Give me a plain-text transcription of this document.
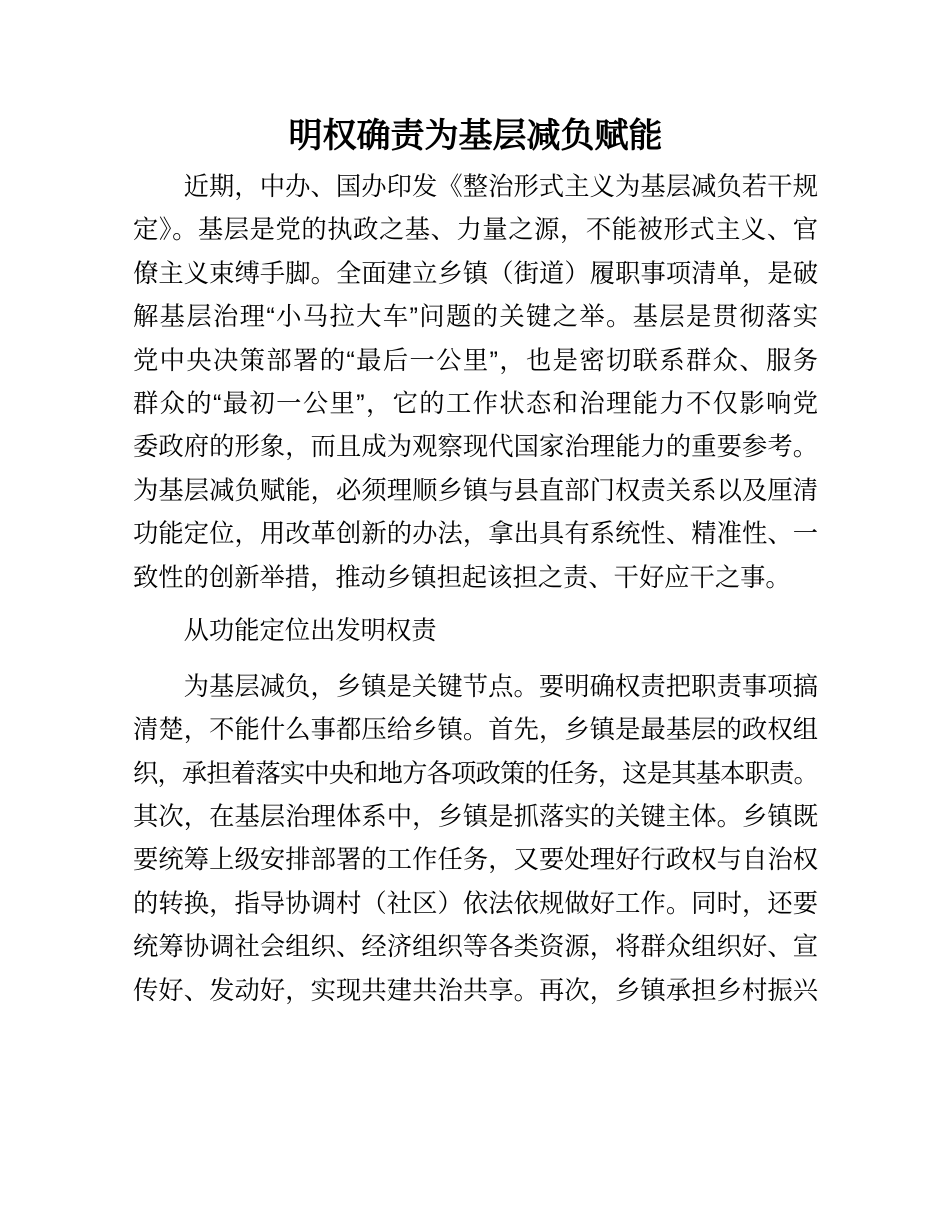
明权确责为基层减负赋能
近期，中办、国办印发《整治形式主义为基层减负若干规
定》。基层是党的执政之基、力量之源，不能被形式主义、官
僚主义束缚手脚。全面建立乡镇（街道）履职事项清单，是破
解基层治理“小马拉大车”问题的关键之举。基层是贯彻落实
党中央决策部署的“最后一公里”，也是密切联系群众、服务
群众的“最初一公里”，它的工作状态和治理能力不仅影响党
委政府的形象，而且成为观察现代国家治理能力的重要参考。
为基层减负赋能，必须理顺乡镇与县直部门权责关系以及厘清
功能定位，用改革创新的办法，拿出具有系统性、精准性、一
致性的创新举措，推动乡镇担起该担之责、干好应干之事。
从功能定位出发明权责
为基层减负，乡镇是关键节点。要明确权责把职责事项搞
清楚，不能什么事都压给乡镇。首先，乡镇是最基层的政权组
织，承担着落实中央和地方各项政策的任务，这是其基本职责。
其次，在基层治理体系中，乡镇是抓落实的关键主体。乡镇既
要统筹上级安排部署的工作任务，又要处理好行政权与自治权
的转换，指导协调村（社区）依法依规做好工作。同时，还要
统筹协调社会组织、经济组织等各类资源，将群众组织好、宣
传好、发动好，实现共建共治共享。再次，乡镇承担乡村振兴
